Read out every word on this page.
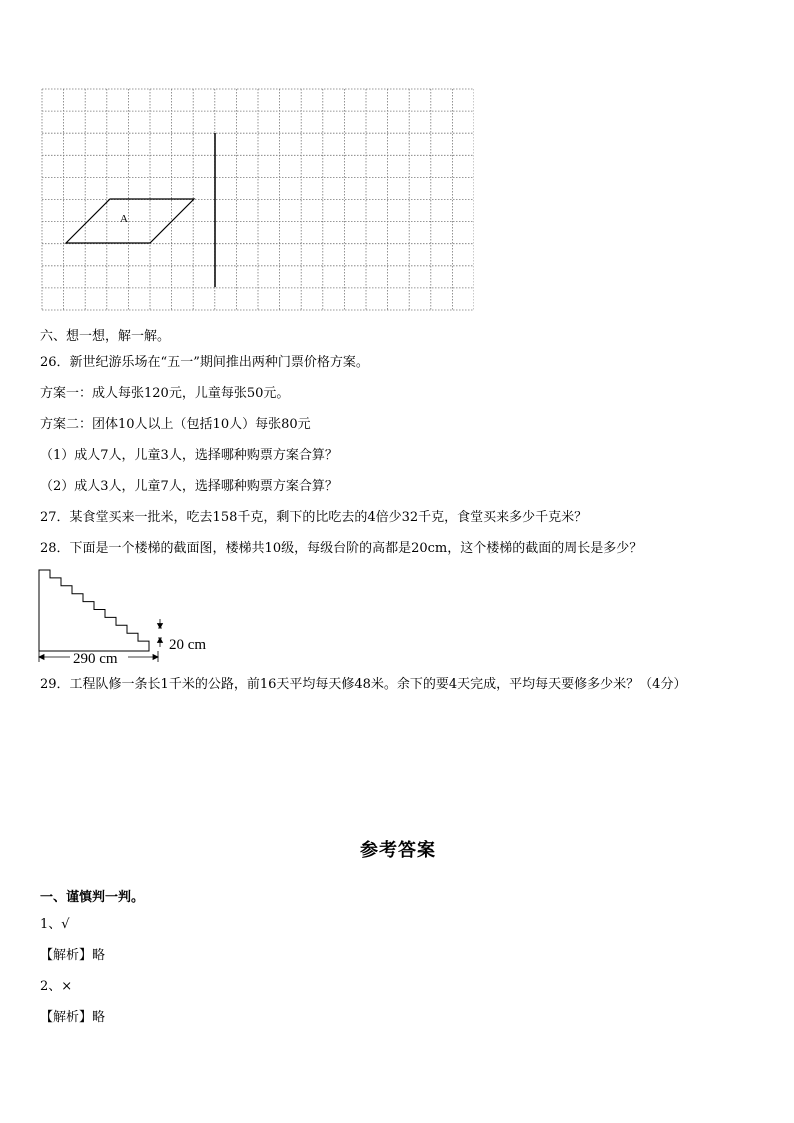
A
六、想一想，解一解。
26．新世纪游乐场在“五一”期间推出两种门票价格方案。
方案一：成人每张120元，儿童每张50元。
方案二：团体10人以上（包括10人）每张80元
（1）成人7人，儿童3人，选择哪种购票方案合算？
（2）成人3人，儿童7人，选择哪种购票方案合算？
27．某食堂买来一批米，吃去158千克，剩下的比吃去的4倍少32千克，食堂买来多少千克米？
28．下面是一个楼梯的截面图，楼梯共10级，每级台阶的高都是20cm，这个楼梯的截面的周长是多少？
20 cm
290 cm
29．工程队修一条长1千米的公路，前16天平均每天修48米。余下的要4天完成，平均每天要修多少米？（4分）
参考答案
一、谨慎判一判。
1、√
【解析】略
2、×
【解析】略
